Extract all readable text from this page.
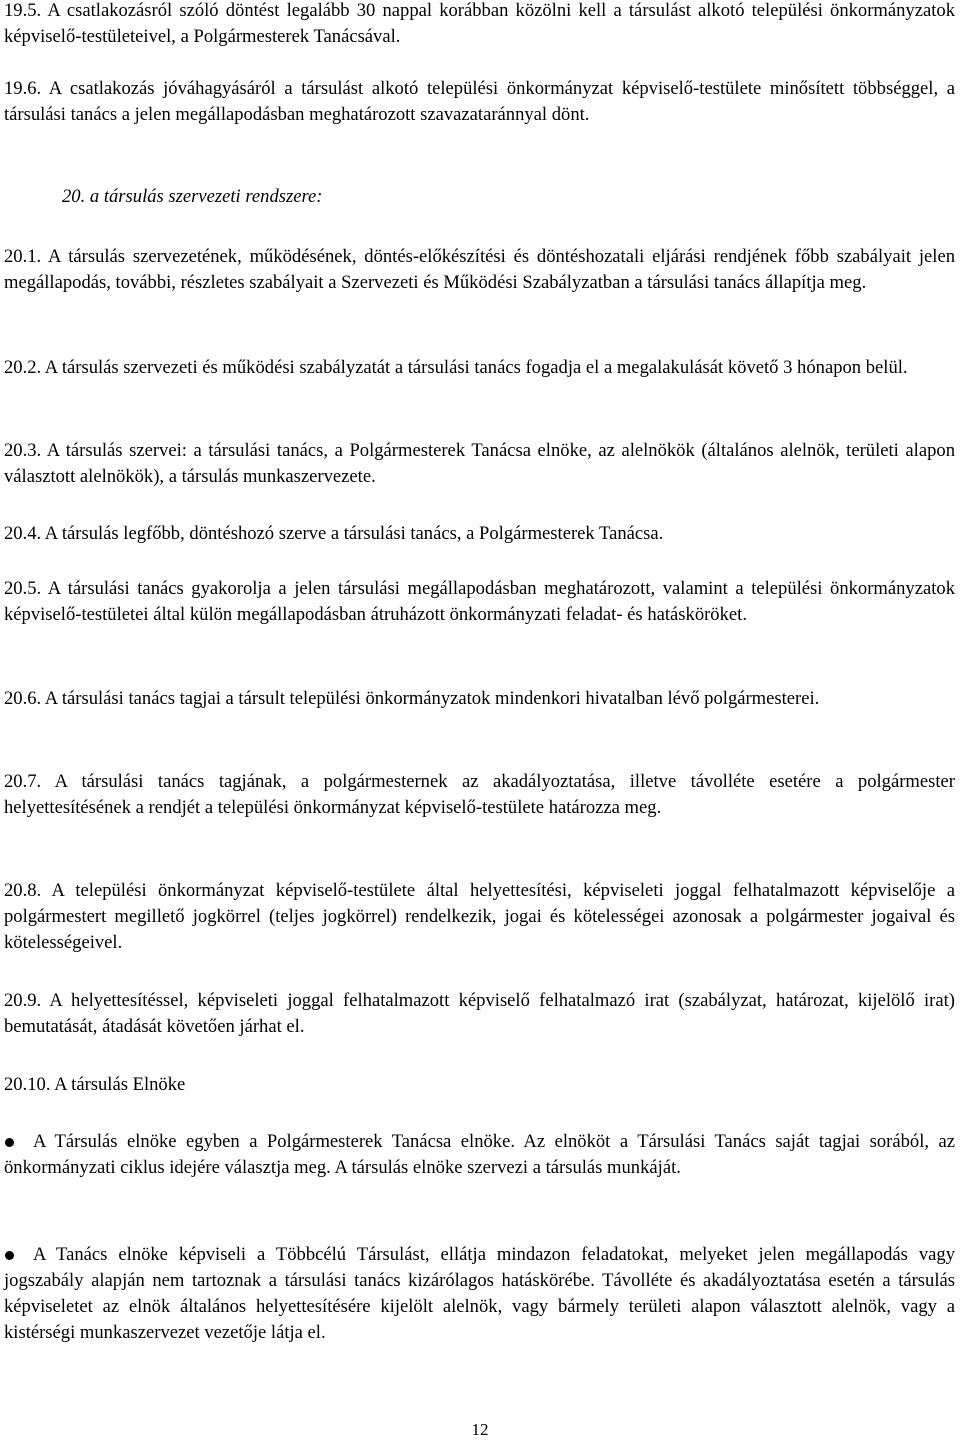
19.5. A csatlakozásról szóló döntést legalább 30 nappal korábban közölni kell a társulást alkotó települési önkormányzatok képviselő-testületeivel, a Polgármesterek Tanácsával.

19.6. A csatlakozás jóváhagyásáról a társulást alkotó települési önkormányzat képviselő-testülete minősített többséggel, a társulási tanács a jelen megállapodásban meghatározott szavazataránnyal dönt.

20. a társulás szervezeti rendszere:

20.1. A társulás szervezetének, működésének, döntés-előkészítési és döntéshozatali eljárási rendjének főbb szabályait jelen megállapodás, további, részletes szabályait a Szervezeti és Működési Szabályzatban a társulási tanács állapítja meg.

20.2. A társulás szervezeti és működési szabályzatát a társulási tanács fogadja el a megalakulását követő 3 hónapon belül.

20.3. A társulás szervei: a társulási tanács, a Polgármesterek Tanácsa elnöke, az alelnökök (általános alelnök, területi alapon választott alelnökök), a társulás munkaszervezete.

20.4. A társulás legfőbb, döntéshozó szerve a társulási tanács, a Polgármesterek Tanácsa.

20.5. A társulási tanács gyakorolja a jelen társulási megállapodásban meghatározott, valamint a települési önkormányzatok képviselő-testületei által külön megállapodásban átruházott önkormányzati feladat- és hatásköröket.

20.6. A társulási tanács tagjai a társult települési önkormányzatok mindenkori hivatalban lévő polgármesterei.

20.7. A társulási tanács tagjának, a polgármesternek az akadályoztatása, illetve távolléte esetére a polgármester helyettesítésének a rendjét a települési önkormányzat képviselő-testülete határozza meg.

20.8. A települési önkormányzat képviselő-testülete által helyettesítési, képviseleti joggal felhatalmazott képviselője a polgármestert megillető jogkörrel (teljes jogkörrel) rendelkezik, jogai és kötelességei azonosak a polgármester jogaival és kötelességeivel.

20.9. A helyettesítéssel, képviseleti joggal felhatalmazott képviselő felhatalmazó irat (szabályzat, határozat, kijelölő irat) bemutatását, átadását követően járhat el.

20.10. A társulás Elnöke

A Társulás elnöke egyben a Polgármesterek Tanácsa elnöke. Az elnököt a Társulási Tanács saját tagjai sorából, az önkormányzati ciklus idejére választja meg. A társulás elnöke szervezi a társulás munkáját.

A Tanács elnöke képviseli a Többcélú Társulást, ellátja mindazon feladatokat, melyeket jelen megállapodás vagy jogszabály alapján nem tartoznak a társulási tanács kizárólagos hatáskörébe. Távolléte és akadályoztatása esetén a társulás képviseletet az elnök általános helyettesítésére kijelölt alelnök, vagy bármely területi alapon választott alelnök, vagy a kistérségi munkaszervezet vezetője látja el.

12
